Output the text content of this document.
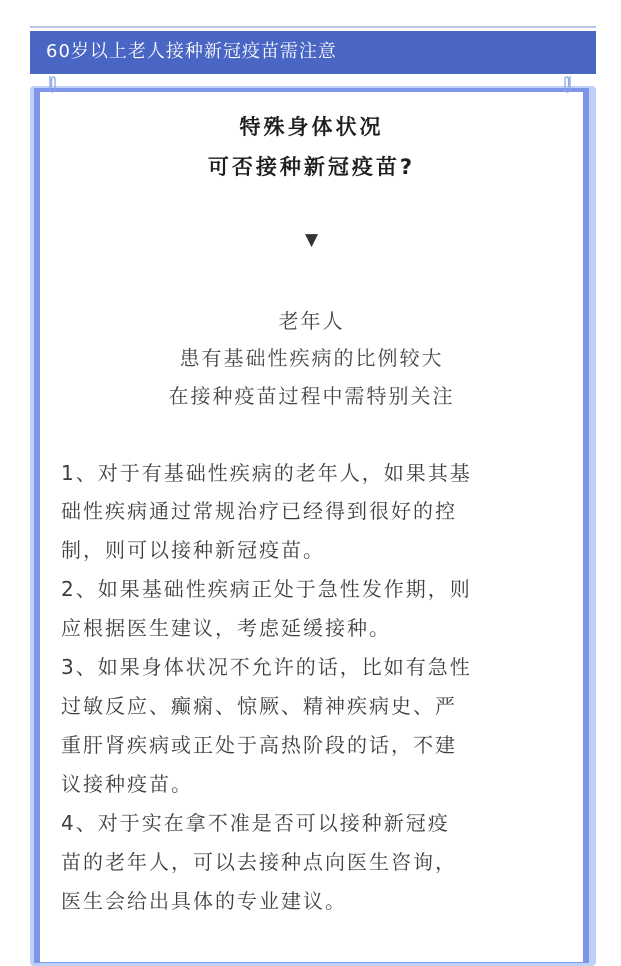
60岁以上老人接种新冠疫苗需注意
特殊身体状况
可否接种新冠疫苗?
▼
老年人
患有基础性疾病的比例较大
在接种疫苗过程中需特别关注
1、对于有基础性疾病的老年人，如果其基
础性疾病通过常规治疗已经得到很好的控
制，则可以接种新冠疫苗。
2、如果基础性疾病正处于急性发作期，则
应根据医生建议，考虑延缓接种。
3、如果身体状况不允许的话，比如有急性
过敏反应、癫痫、惊厥、精神疾病史、严
重肝肾疾病或正处于高热阶段的话，不建
议接种疫苗。
4、对于实在拿不准是否可以接种新冠疫
苗的老年人，可以去接种点向医生咨询，
医生会给出具体的专业建议。
